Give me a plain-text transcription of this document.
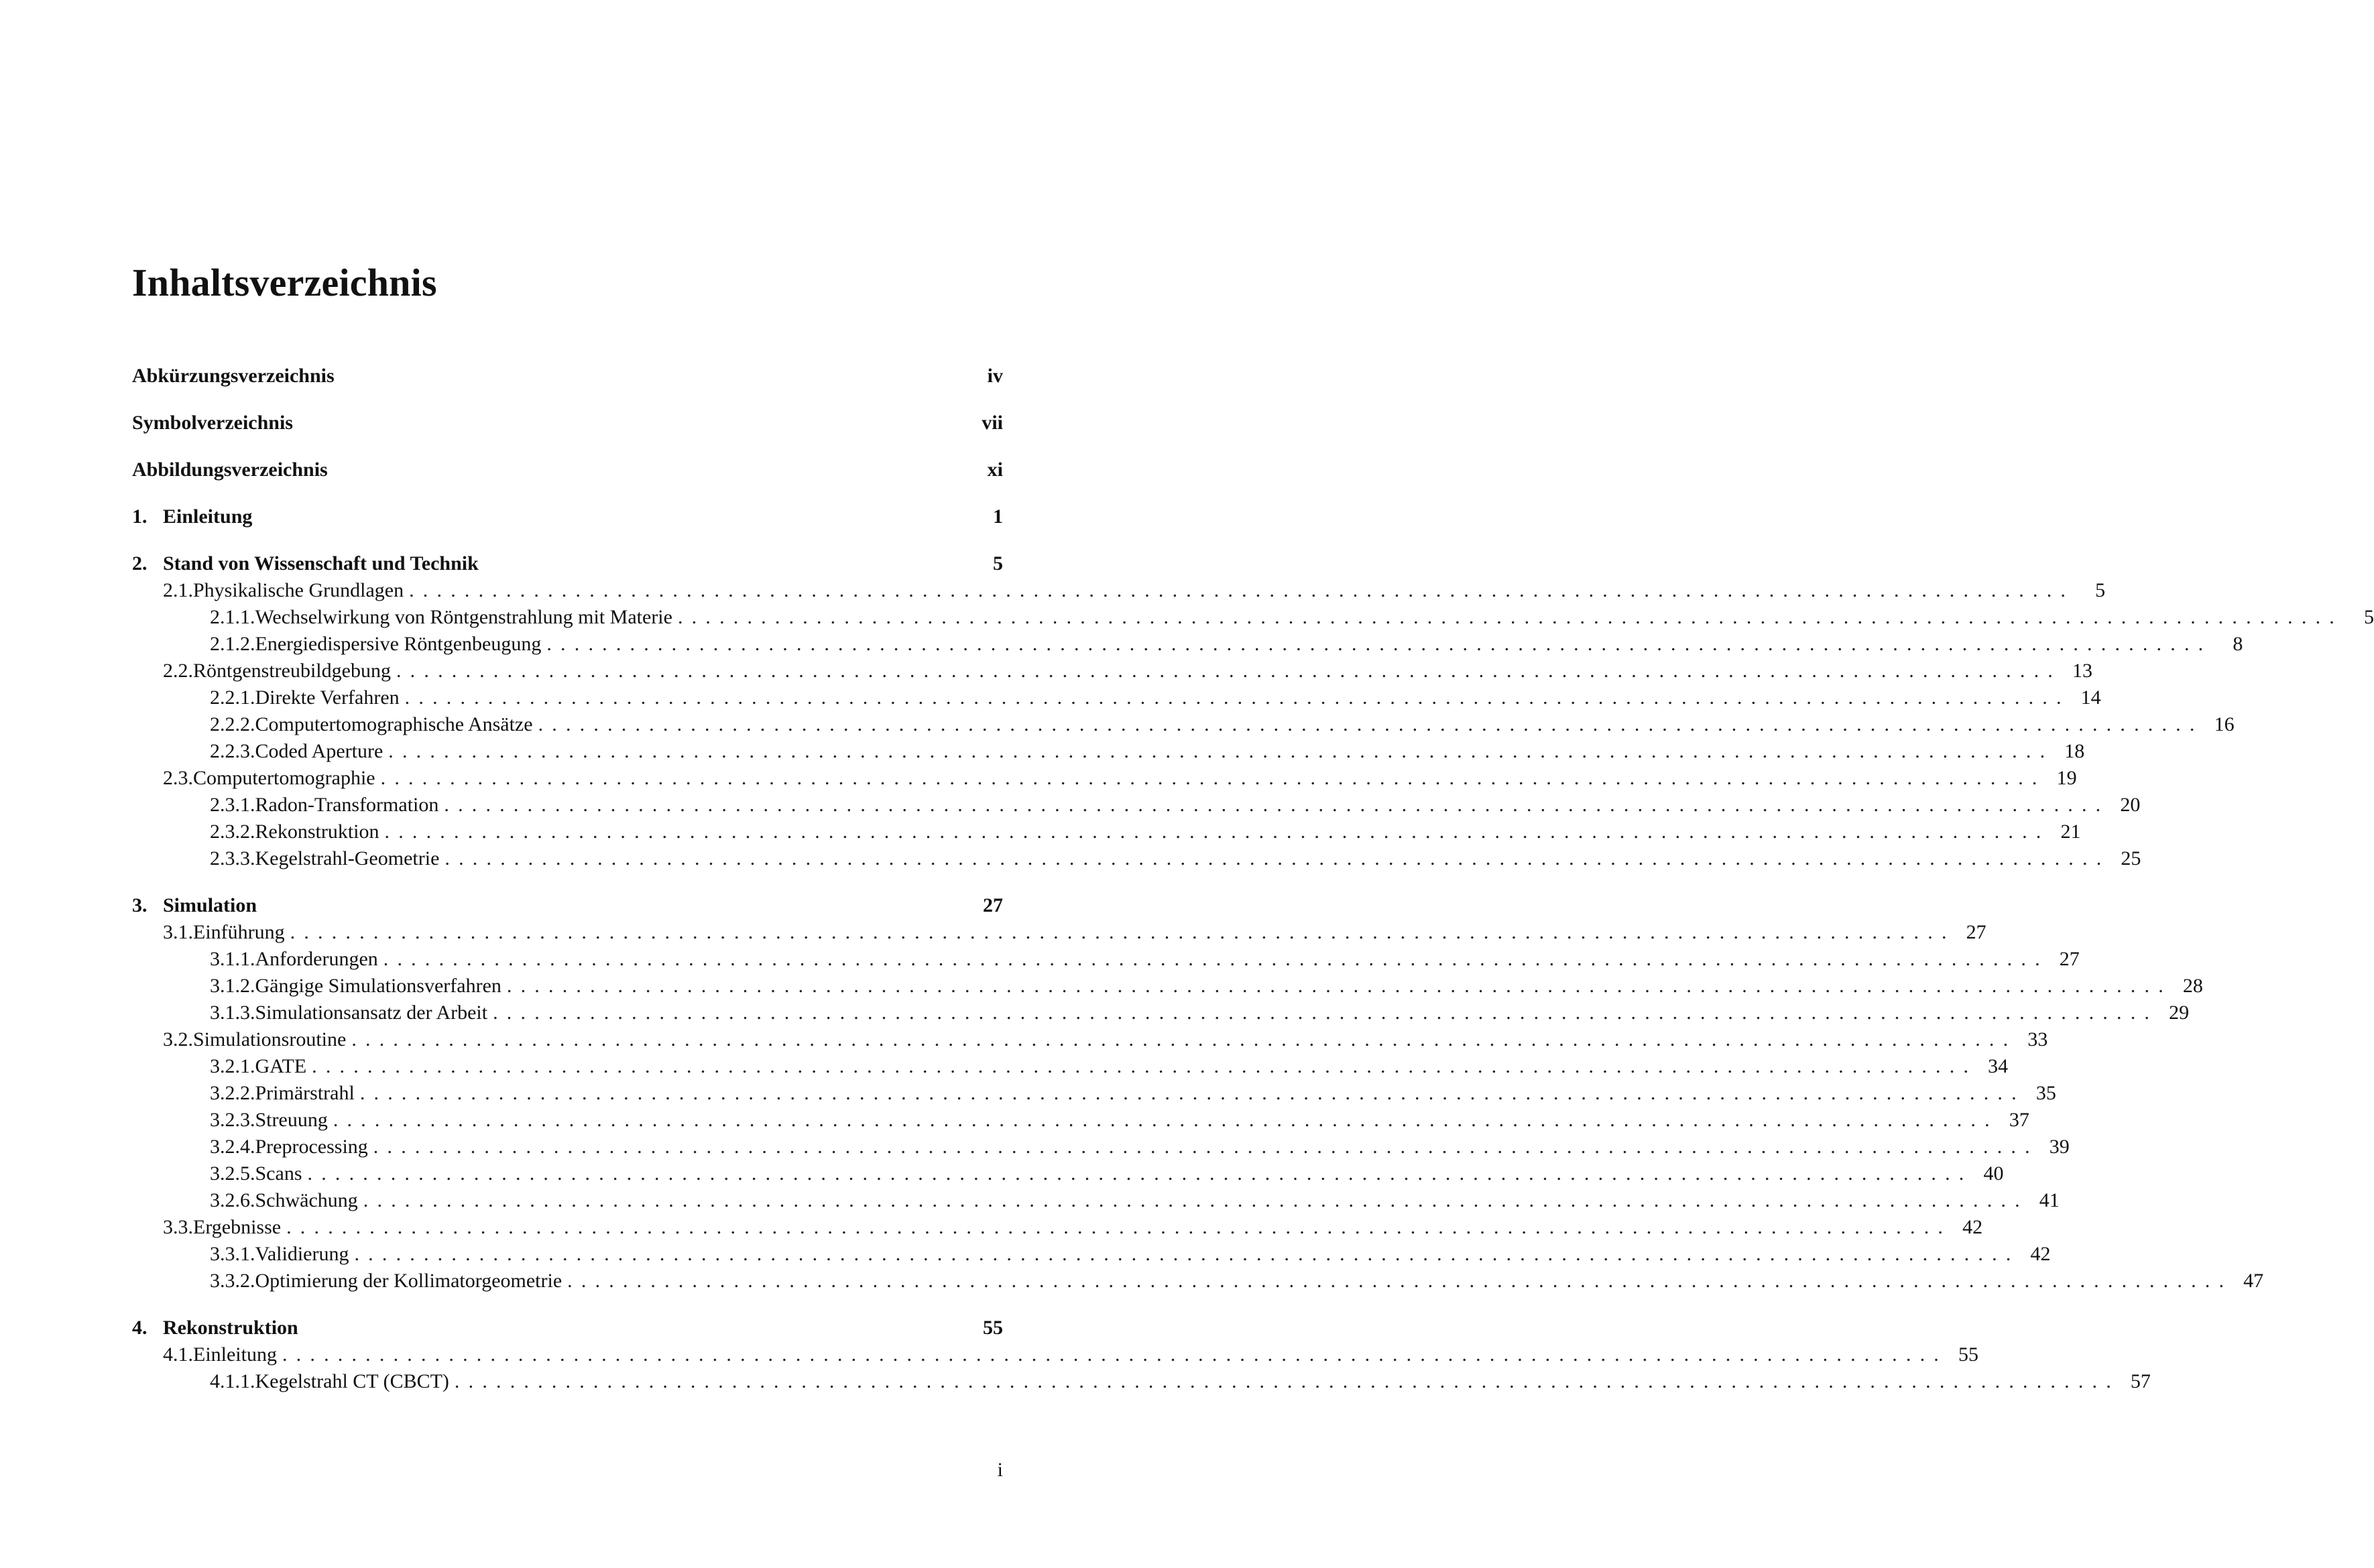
Inhaltsverzeichnis
Abkürzungsverzeichnis	iv
Symbolverzeichnis	vii
Abbildungsverzeichnis	xi
1. Einleitung	1
2. Stand von Wissenschaft und Technik	5
2.1. Physikalische Grundlagen ........................................................................................................................	5
2.1.1. Wechselwirkung von Röntgenstrahlung mit Materie ........................................................................................................................	5
2.1.2. Energiedispersive Röntgenbeugung ........................................................................................................................	8
2.2. Röntgenstreubildgebung ........................................................................................................................ 13
2.2.1. Direkte Verfahren ........................................................................................................................ 14
2.2.2. Computertomographische Ansätze ........................................................................................................................ 16
2.2.3. Coded Aperture ........................................................................................................................ 18
2.3. Computertomographie ........................................................................................................................ 19
2.3.1. Radon-Transformation ........................................................................................................................ 20
2.3.2. Rekonstruktion ........................................................................................................................ 21
2.3.3. Kegelstrahl-Geometrie ........................................................................................................................ 25
3. Simulation	27
3.1. Einführung ........................................................................................................................ 27
3.1.1. Anforderungen ........................................................................................................................ 27
3.1.2. Gängige Simulationsverfahren ........................................................................................................................ 28
3.1.3. Simulationsansatz der Arbeit ........................................................................................................................ 29
3.2. Simulationsroutine ........................................................................................................................ 33
3.2.1. GATE ........................................................................................................................ 34
3.2.2. Primärstrahl ........................................................................................................................ 35
3.2.3. Streuung ........................................................................................................................ 37
3.2.4. Preprocessing ........................................................................................................................ 39
3.2.5. Scans ........................................................................................................................ 40
3.2.6. Schwächung ........................................................................................................................ 41
3.3. Ergebnisse ........................................................................................................................ 42
3.3.1. Validierung ........................................................................................................................ 42
3.3.2. Optimierung der Kollimatorgeometrie ........................................................................................................................ 47
4. Rekonstruktion	55
4.1. Einleitung ........................................................................................................................ 55
4.1.1. Kegelstrahl CT (CBCT) ........................................................................................................................ 57
i
